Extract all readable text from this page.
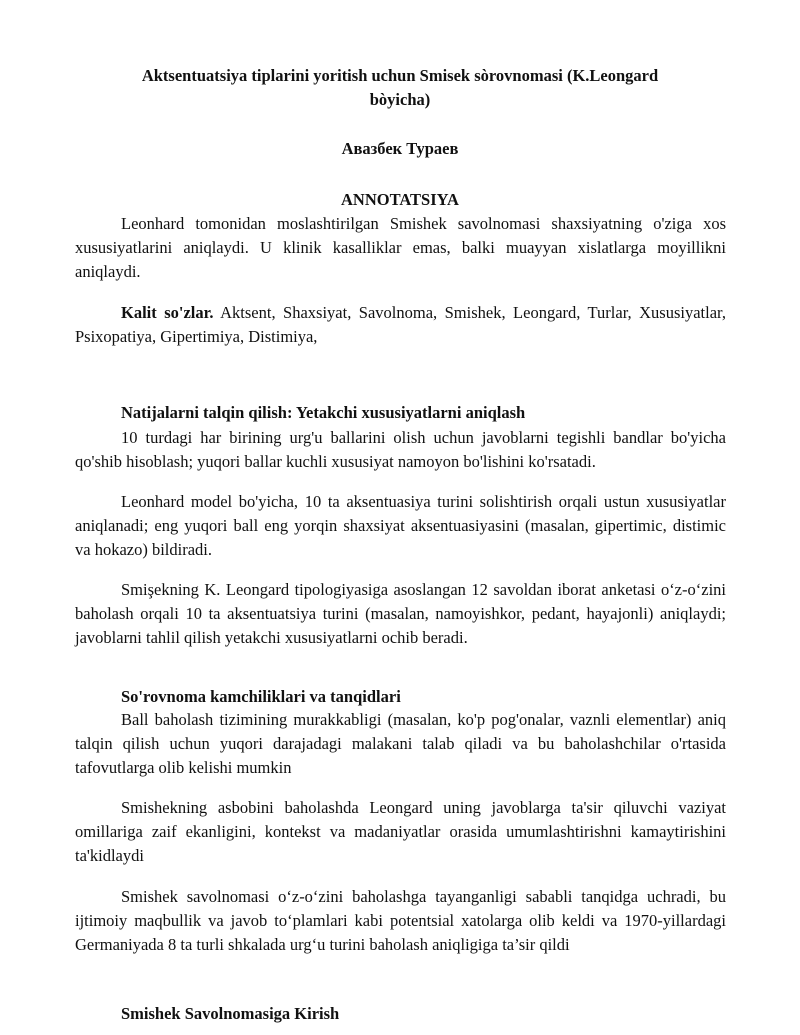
Aktsentuatsiya tiplarini yoritish uchun Smisek sòrovnomasi (K.Leongard bòyicha)
Авазбек Тураев
ANNOTATSIYA

Leonhard tomonidan moslashtirilgan Smishek savolnomasi shaxsiyatning o'ziga xos xususiyatlarini aniqlaydi. U klinik kasalliklar emas, balki muayyan xislatlarga moyillikni aniqlaydi.

Kalit so'zlar. Aktsent, Shaxsiyat, Savolnoma, Smishek, Leongard, Turlar, Xususiyatlar, Psixopatiya, Gipertimiya, Distimiya,

Natijalarni talqin qilish: Yetakchi xususiyatlarni aniqlash

10 turdagi har birining urg'u ballarini olish uchun javoblarni tegishli bandlar bo'yicha qo'shib hisoblash; yuqori ballar kuchli xususiyat namoyon bo'lishini ko'rsatadi.

Leonhard model bo'yicha, 10 ta aksentuasiya turini solishtirish orqali ustun xususiyatlar aniqlanadi; eng yuqori ball eng yorqin shaxsiyat aksentuasiyasini (masalan, gipertimic, distimic va hokazo) bildiradi.

Smişekning K. Leongard tipologiyasiga asoslangan 12 savoldan iborat anketasi o‘z-o‘zini baholash orqali 10 ta aksentuatsiya turini (masalan, namoyishkor, pedant, hayajonli) aniqlaydi; javoblarni tahlil qilish yetakchi xususiyatlarni ochib beradi.

So'rovnoma kamchiliklari va tanqidlari

Ball baholash tizimining murakkabligi (masalan, ko'p pog'onalar, vaznli elementlar) aniq talqin qilish uchun yuqori darajadagi malakani talab qiladi va bu baholashchilar o'rtasida tafovutlarga olib kelishi mumkin

Smishekning asbobini baholashda Leongard uning javoblarga ta'sir qiluvchi vaziyat omillariga zaif ekanligini, kontekst va madaniyatlar orasida umumlashtirishni kamaytirishini ta'kidlaydi

Smishek savolnomasi o‘z-o‘zini baholashga tayanganligi sababli tanqidga uchradi, bu ijtimoiy maqbullik va javob to‘plamlari kabi potentsial xatolarga olib keldi va 1970-yillardagi Germaniyada 8 ta turli shkalada urg‘u turini baholash aniqligiga ta’sir qildi

Smishek Savolnomasiga Kirish
